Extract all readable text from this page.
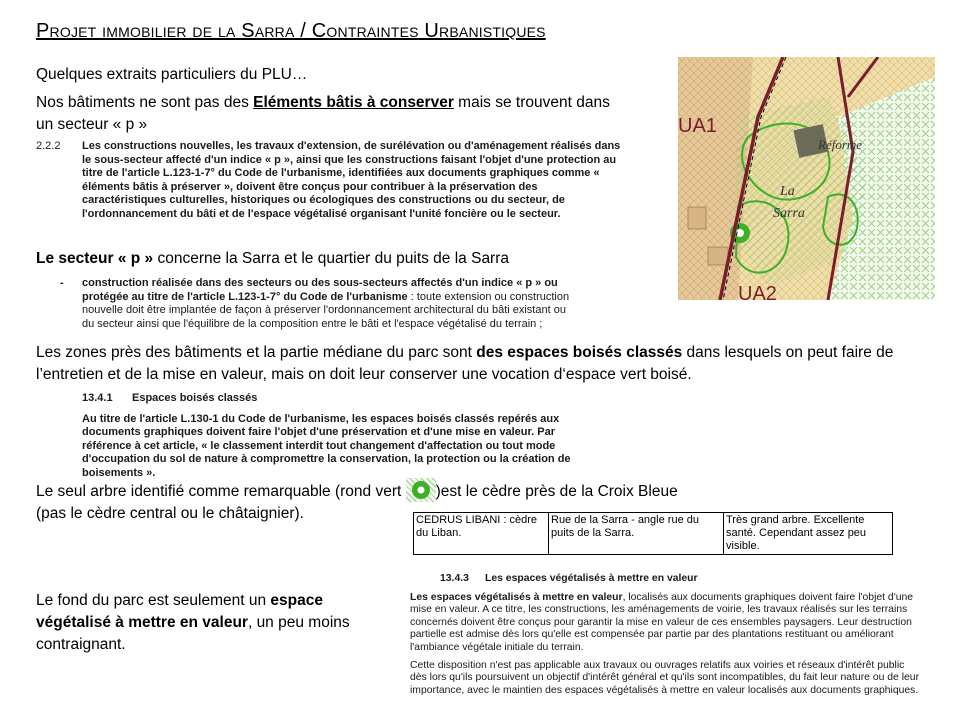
Projet immobilier de la Sarra / Contraintes Urbanistiques
Quelques extraits particuliers du PLU…
Nos bâtiments ne sont pas des Eléments bâtis à conserver mais se trouvent dans un secteur « p »
2.2.2 Les constructions nouvelles, les travaux d'extension, de surélévation ou d'aménagement réalisés dans le sous-secteur affecté d'un indice « p », ainsi que les constructions faisant l'objet d'une protection au titre de l'article L.123-1-7° du Code de l'urbanisme, identifiées aux documents graphiques comme « éléments bâtis à préserver », doivent être conçus pour contribuer à la préservation des caractéristiques culturelles, historiques ou écologiques des constructions ou du secteur, de l'ordonnancement du bâti et de l'espace végétalisé organisant l'unité foncière ou le secteur.

Le secteur « p » concerne la Sarra et le quartier du puits de la Sarra
- construction réalisée dans des secteurs ou des sous-secteurs affectés d'un indice « p » ou protégée au titre de l'article L.123-1-7° du Code de l'urbanisme : toute extension ou construction nouvelle doit être implantée de façon à préserver l'ordonnancement architectural du bâti existant ou du secteur ainsi que l'équilibre de la composition entre le bâti et l'espace végétalisé du terrain ;

Réforme
La
Sarra
UA1
UA2
Les zones près des bâtiments et la partie médiane du parc sont des espaces boisés classés dans lesquels on peut faire de l’entretien et de la mise en valeur, mais on doit leur conserver une vocation d‘espace vert boisé.

13.4.1 Espaces boisés classés

Au titre de l'article L.130-1 du Code de l'urbanisme, les espaces boisés classés repérés aux documents graphiques doivent faire l'objet d'une préservation et d'une mise en valeur. Par référence à cet article, « le classement interdit tout changement d'affectation ou tout mode d'occupation du sol de nature à compromettre la conservation, la protection ou la création de boisements ».

Le seul arbre identifié comme remarquable (rond vert )est le cèdre près de la Croix Bleue
(pas le cèdre central ou le châtaignier).	CEDRUS LIBANI : cèdre du Liban.	Rue de la Sarra - angle rue du puits de la Sarra.	Très grand arbre. Excellente santé. Cependant assez peu visible.

13.4.3 Les espaces végétalisés à mettre en valeur

Les espaces végétalisés à mettre en valeur, localisés aux documents graphiques doivent faire l'objet d'une mise en valeur. A ce titre, les constructions, les aménagements de voirie, les travaux réalisés sur les terrains concernés doivent être conçus pour garantir la mise en valeur de ces ensembles paysagers. Leur destruction partielle est admise dès lors qu'elle est compensée par partie par des plantations restituant ou améliorant l'ambiance végétale initiale du terrain.

Cette disposition n'est pas applicable aux travaux ou ouvrages relatifs aux voiries et réseaux d'intérêt public dès lors qu'ils poursuivent un objectif d'intérêt général et qu'ils sont incompatibles, du fait leur nature ou de leur importance, avec le maintien des espaces végétalisés à mettre en valeur localisés aux documents graphiques.

Le fond du parc est seulement un espace végétalisé à mettre en valeur, un peu moins contraignant.
